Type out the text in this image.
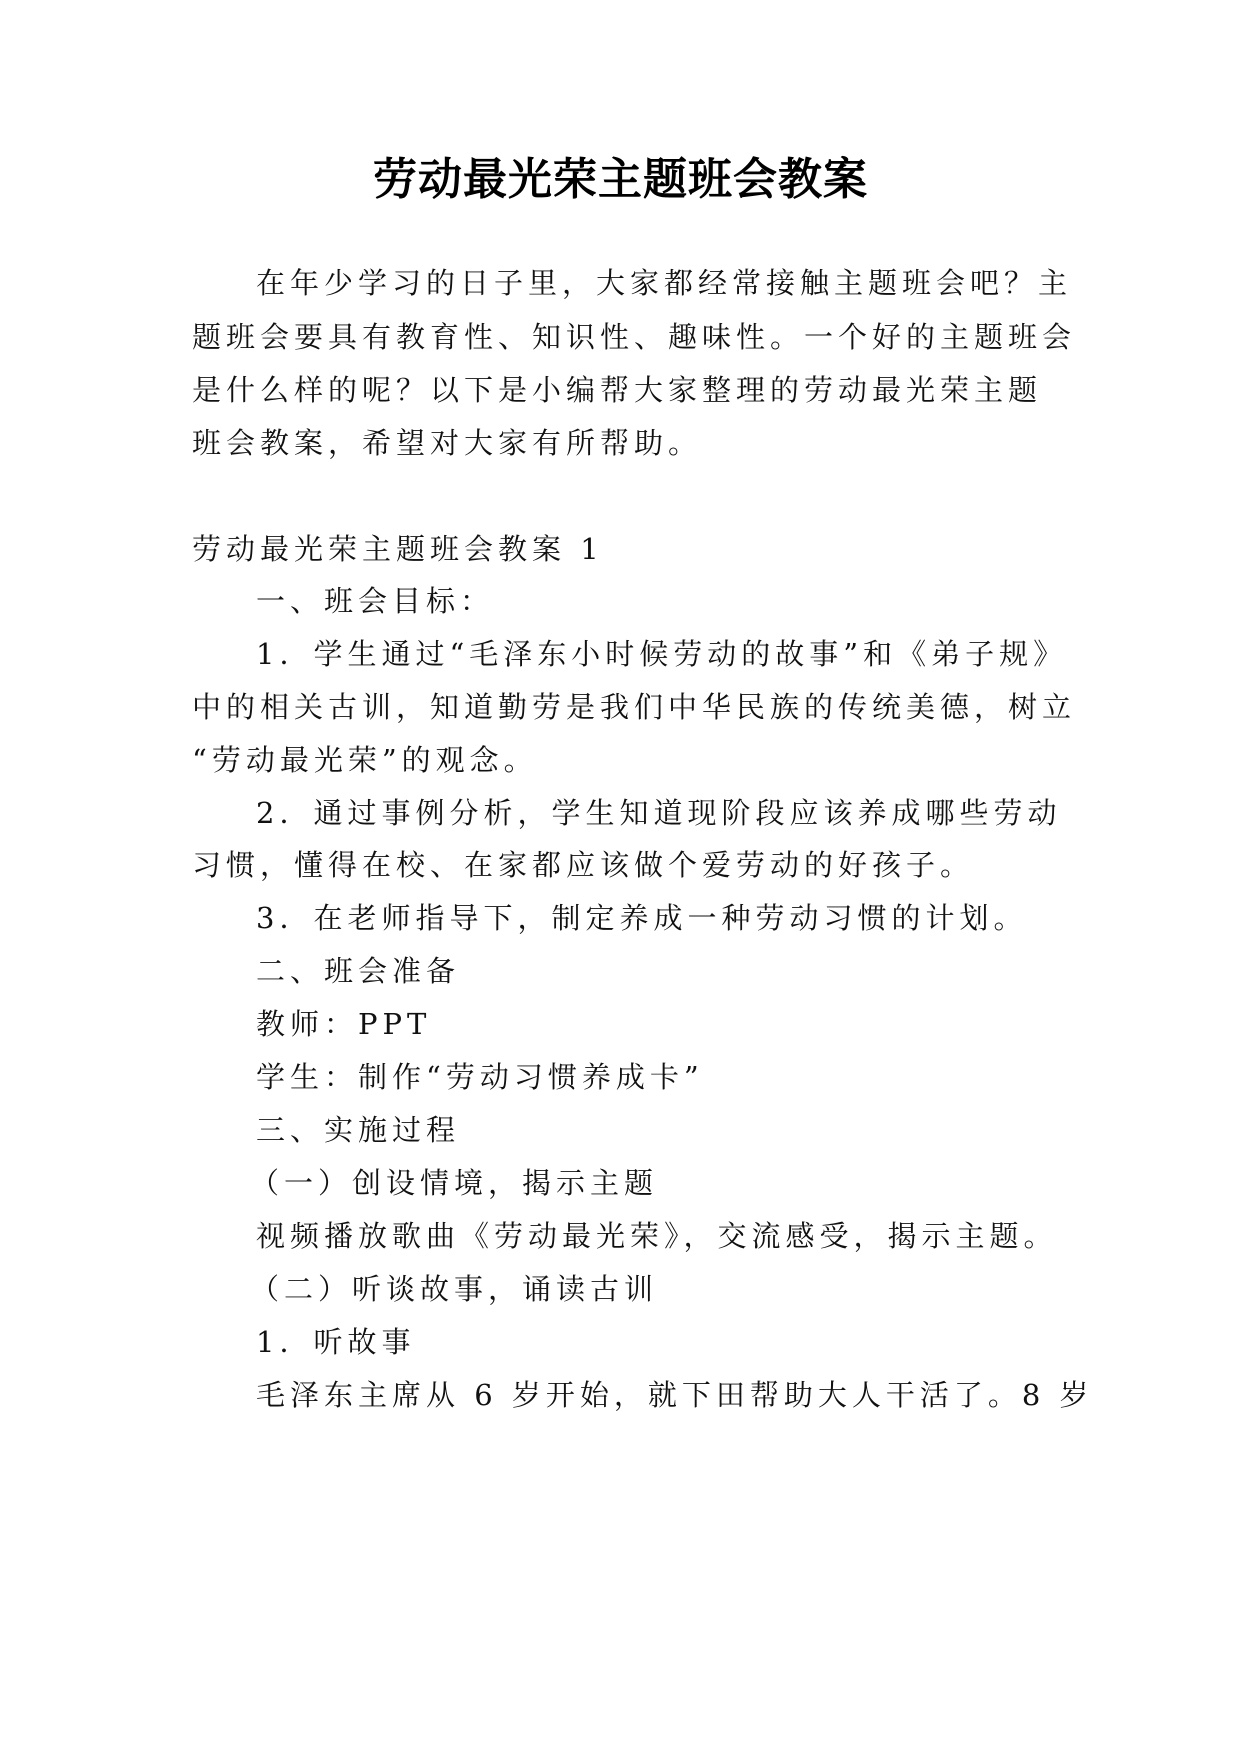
劳动最光荣主题班会教案
在年少学习的日子里，大家都经常接触主题班会吧？主
题班会要具有教育性、知识性、趣味性。一个好的主题班会
是什么样的呢？以下是小编帮大家整理的劳动最光荣主题
班会教案，希望对大家有所帮助。
劳动最光荣主题班会教案 1
一、班会目标：
1．学生通过“毛泽东小时候劳动的故事”和《弟子规》
中的相关古训，知道勤劳是我们中华民族的传统美德，树立
“劳动最光荣”的观念。
2．通过事例分析，学生知道现阶段应该养成哪些劳动
习惯，懂得在校、在家都应该做个爱劳动的好孩子。
3．在老师指导下，制定养成一种劳动习惯的计划。
二、班会准备
教师：PPT
学生：制作“劳动习惯养成卡”
三、实施过程
（一）创设情境，揭示主题
视频播放歌曲《劳动最光荣》，交流感受，揭示主题。
（二）听谈故事，诵读古训
1．听故事
毛泽东主席从 6 岁开始，就下田帮助大人干活了。8 岁
